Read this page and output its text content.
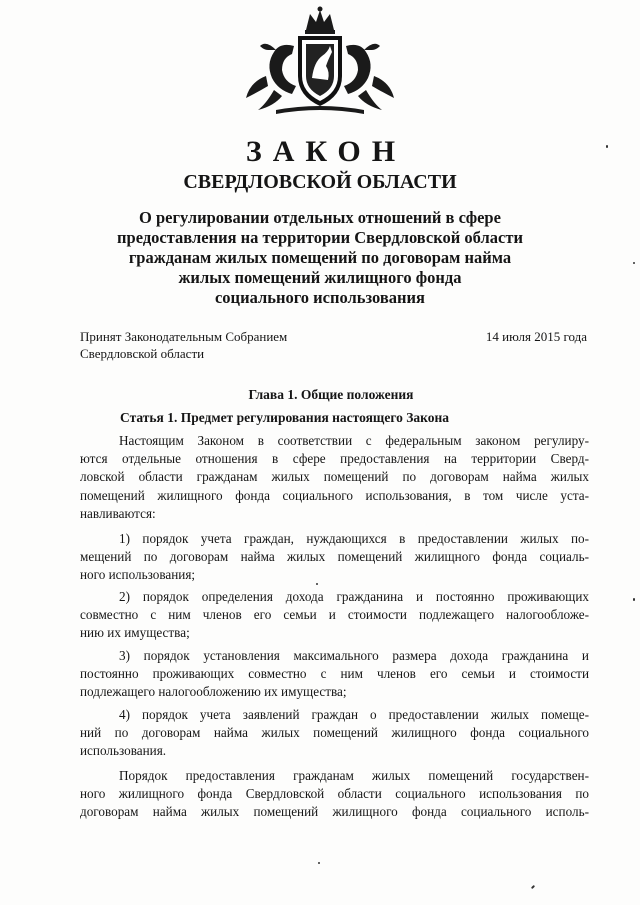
ЗАКОН
СВЕРДЛОВСКОЙ ОБЛАСТИ
О регулировании отдельных отношений в сфере
предоставления на территории Свердловской области
гражданам жилых помещений по договорам найма
жилых помещений жилищного фонда
социального использования
Принят Законодательным Собранием
Свердловской области
14 июля 2015 года
Глава 1. Общие положения
Статья 1. Предмет регулирования настоящего Закона
Настоящим Законом в соответствии с федеральным законом регулиру-
ются отдельные отношения в сфере предоставления на территории Сверд-
ловской области гражданам жилых помещений по договорам найма жилых
помещений жилищного фонда социального использования, в том числе уста-
навливаются:
1) порядок учета граждан, нуждающихся в предоставлении жилых по-
мещений по договорам найма жилых помещений жилищного фонда социаль-
ного использования;
2) порядок определения дохода гражданина и постоянно проживающих
совместно с ним членов его семьи и стоимости подлежащего налогообложе-
нию их имущества;
3) порядок установления максимального размера дохода гражданина и
постоянно проживающих совместно с ним членов его семьи и стоимости
подлежащего налогообложению их имущества;
4) порядок учета заявлений граждан о предоставлении жилых помеще-
ний по договорам найма жилых помещений жилищного фонда социального
использования.
Порядок предоставления гражданам жилых помещений государствен-
ного жилищного фонда Свердловской области социального использования по
договорам найма жилых помещений жилищного фонда социального исполь-
